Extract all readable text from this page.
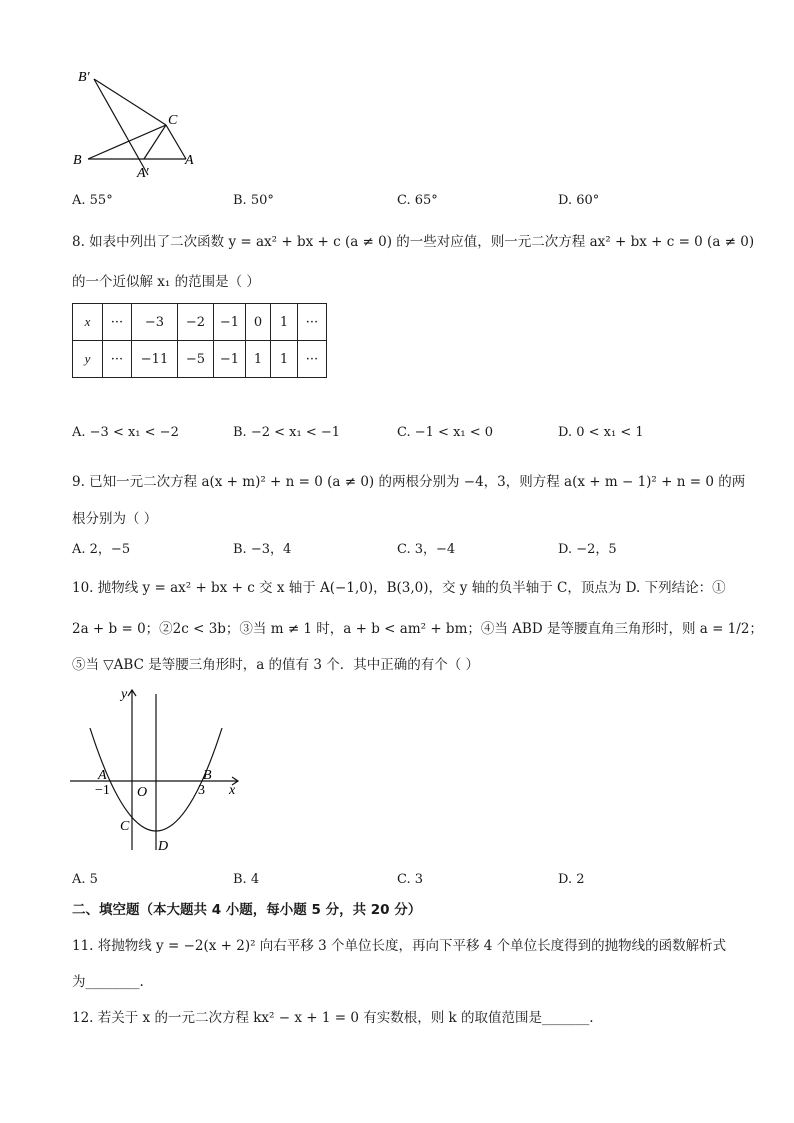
B′
C
B
A′
A
A. 55°	B. 50°	C. 65°	D. 60°
8. 如表中列出了二次函数 y = ax² + bx + c (a ≠ 0) 的一些对应值，则一元二次方程 ax² + bx + c = 0 (a ≠ 0)
的一个近似解 x₁ 的范围是（ ）
x	···	−3	−2	−1	0	1	···
y	···	−11	−5	−1	1	1	···
A. −3 < x₁ < −2	B. −2 < x₁ < −1	C. −1 < x₁ < 0	D. 0 < x₁ < 1
9. 已知一元二次方程 a(x + m)² + n = 0 (a ≠ 0) 的两根分别为 −4，3，则方程 a(x + m − 1)² + n = 0 的两
根分别为（ ）
A. 2，−5	B. −3，4	C. 3，−4	D. −2，5
10. 抛物线 y = ax² + bx + c 交 x 轴于 A(−1,0)，B(3,0)，交 y 轴的负半轴于 C，顶点为 D. 下列结论：①
2a + b = 0；②2c < 3b；③当 m ≠ 1 时，a + b < am² + bm；④当 ABD 是等腰直角三角形时，则 a = 1/2；
⑤当 ▽ABC 是等腰三角形时，a 的值有 3 个．其中正确的有个（ ）
y
x
A	B
−1 O	3
C
D
A. 5	B. 4	C. 3	D. 2
二、填空题（本大题共 4 小题，每小题 5 分，共 20 分）
11. 将抛物线 y = −2(x + 2)² 向右平移 3 个单位长度，再向下平移 4 个单位长度得到的抛物线的函数解析式
为________.
12. 若关于 x 的一元二次方程 kx² − x + 1 = 0 有实数根，则 k 的取值范围是_______.
